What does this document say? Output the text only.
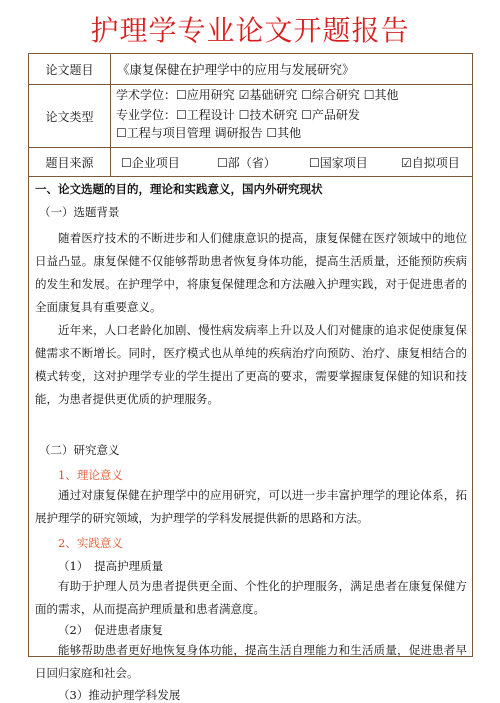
护理学专业论文开题报告
论文题目	《康复保健在护理学中的应用与发展研究》
论文类型
学术学位：☐应用研究 ☑基础研究 ☐综合研究 ☐其他
专业学位：☐工程设计 ☐技术研究 ☐产品研发
☐工程与项目管理 调研报告 ☐其他
题目来源	☐企业项目	☐部（省）	☐国家项目	☑自拟项目
一、论文选题的目的，理论和实践意义，国内外研究现状
（一）选题背景
随着医疗技术的不断进步和人们健康意识的提高，康复保健在医疗领域中的地位日益凸显。康复保健不仅能够帮助患者恢复身体功能，提高生活质量，还能预防疾病的发生和发展。在护理学中，将康复保健理念和方法融入护理实践，对于促进患者的全面康复具有重要意义。
近年来，人口老龄化加剧、慢性病发病率上升以及人们对健康的追求促使康复保健需求不断增长。同时，医疗模式也从单纯的疾病治疗向预防、治疗、康复相结合的模式转变，这对护理学专业的学生提出了更高的要求，需要掌握康复保健的知识和技能，为患者提供更优质的护理服务。
（二）研究意义
1、理论意义
通过对康复保健在护理学中的应用研究，可以进一步丰富护理学的理论体系，拓展护理学的研究领域，为护理学的学科发展提供新的思路和方法。
2、实践意义
（1）　提高护理质量
有助于护理人员为患者提供更全面、个性化的护理服务，满足患者在康复保健方面的需求，从而提高护理质量和患者满意度。
（2）　促进患者康复
能够帮助患者更好地恢复身体功能，提高生活自理能力和生活质量，促进患者早日回归家庭和社会。
（3）推动护理学科发展
